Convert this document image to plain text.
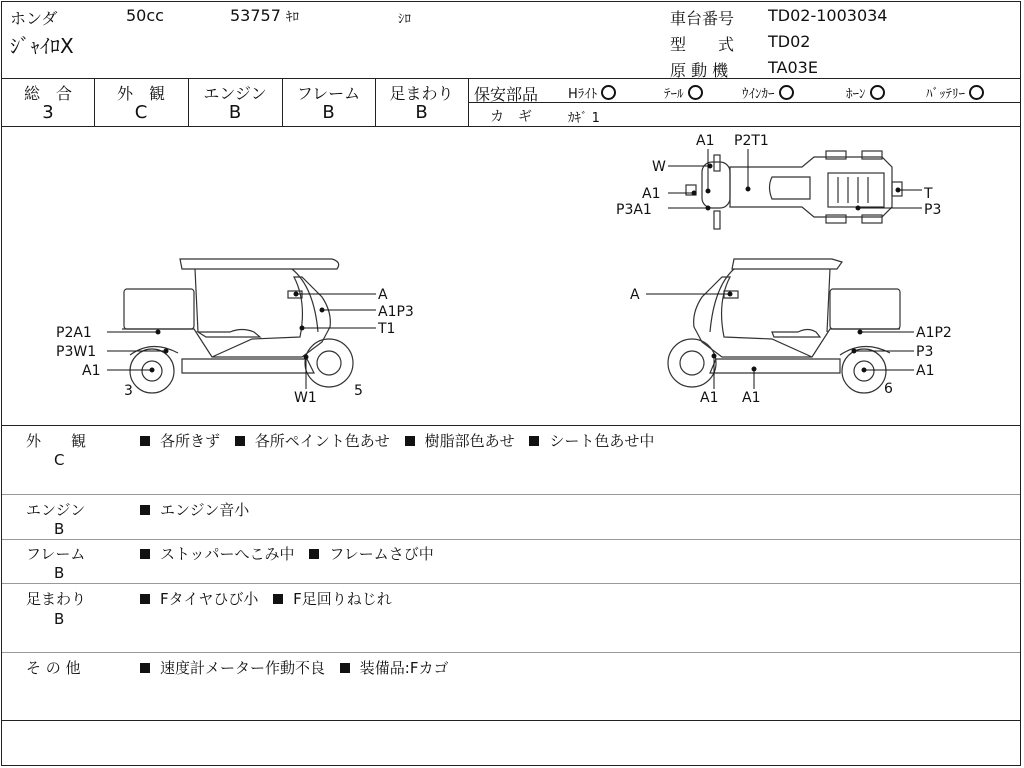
ホンダ	50cc	53757 ｷﾛ	ｼﾛ
ｼﾞｬｲﾛX
車台番号 TD02-1003034
型　　式 TD02
原 動 機 TA03E
総　合
3
外　観
C
エンジン
B
フレーム
B
足まわり
B
保安部品 Hﾗｲﾄ	ﾃｰﾙ	ｳｲﾝｶｰ	ﾎｰﾝ	ﾊﾞｯﾃﾘｰ
カ　ギ	ｶｷﾞ 1
A1 P2T1
W
A1
P3A1
T
P3
A
A1P3
T1
P2A1
P3W1
A1
W1
3	5
A
A1P2
P3
A1
A1 A1
6
外　　観
C
各所きず 各所ペイント色あせ 樹脂部色あせ シート色あせ中
エンジン
B
エンジン音小
フレーム
B
ストッパーへこみ中 フレームさび中
足まわり
B
Fタイヤひび小 F足回りねじれ
そ の 他	速度計メーター作動不良 装備品:Fカゴ
